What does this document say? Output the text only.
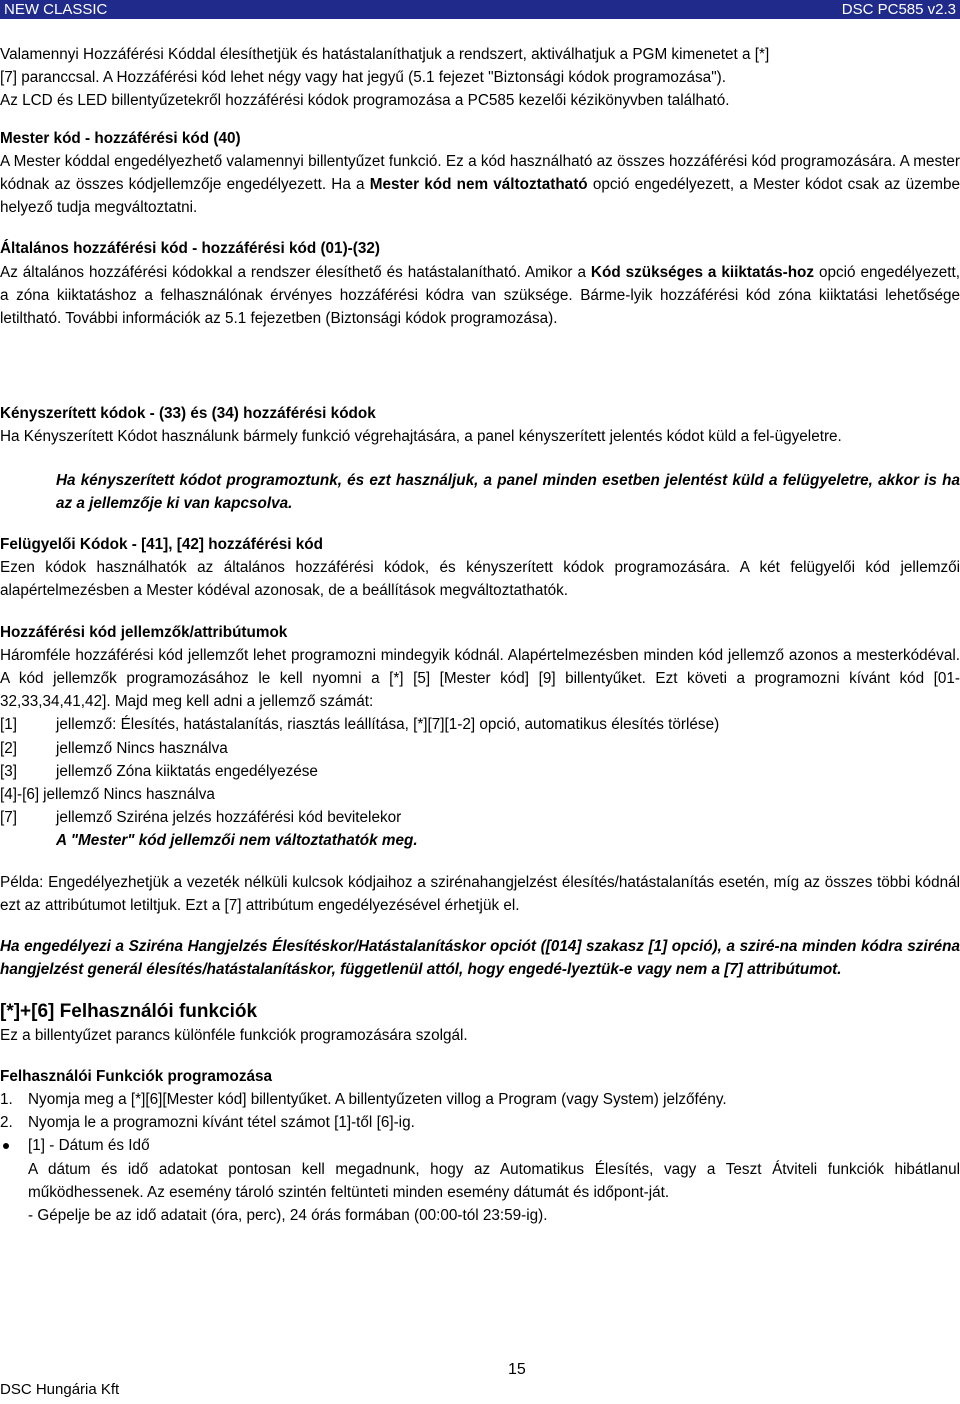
NEW CLASSIC	DSC PC585 v2.3

Valamennyi Hozzáférési Kóddal élesíthetjük és hatástalaníthatjuk a rendszert, aktiválhatjuk a PGM kimenetet a [*]

[7] paranccsal. A Hozzáférési kód lehet négy vagy hat jegyű (5.1 fejezet "Biztonsági kódok programozása").

Az LCD és LED billentyűzetekről hozzáférési kódok programozása a PC585 kezelői kézikönyvben található.

Mester kód - hozzáférési kód (40)

A Mester kóddal engedélyezhető valamennyi billentyűzet funkció. Ez a kód használható az összes hozzáférési kód programozására. A mester kódnak az összes kódjellemzője engedélyezett. Ha a Mester kód nem változtatható opció engedélyezett, a Mester kódot csak az üzembe helyező tudja megváltoztatni.

Általános hozzáférési kód - hozzáférési kód (01)-(32)

Az általános hozzáférési kódokkal a rendszer élesíthető és hatástalanítható. Amikor a Kód szükséges a kiiktatás-hoz opció engedélyezett, a zóna kiiktatáshoz a felhasználónak érvényes hozzáférési kódra van szüksége. Bárme-lyik hozzáférési kód zóna kiiktatási lehetősége letiltható. További információk az 5.1 fejezetben (Biztonsági kódok programozása).

Kényszerített kódok - (33) és (34) hozzáférési kódok

Ha Kényszerített Kódot használunk bármely funkció végrehajtására, a panel kényszerített jelentés kódot küld a fel-ügyeletre.

Ha kényszerített kódot programoztunk, és ezt használjuk, a panel minden esetben jelentést küld a felügyeletre, akkor is ha az a jellemzője ki van kapcsolva.

Felügyelői Kódok - [41], [42] hozzáférési kód

Ezen kódok használhatók az általános hozzáférési kódok, és kényszerített kódok programozására. A két felügyelői kód jellemzői alapértelmezésben a Mester kódéval azonosak, de a beállítások megváltoztathatók.

Hozzáférési kód jellemzők/attribútumok

Háromféle hozzáférési kód jellemzőt lehet programozni mindegyik kódnál. Alapértelmezésben minden kód jellemző azonos a mesterkódéval. A kód jellemzők programozásához le kell nyomni a [*] [5] [Mester kód] [9] billentyűket. Ezt követi a programozni kívánt kód [01-32,33,34,41,42]. Majd meg kell adni a jellemző számát:

[1]	jellemző: Élesítés, hatástalanítás, riasztás leállítása, [*][7][1-2] opció, automatikus élesítés törlése)
[2]	jellemző Nincs használva
[3]	jellemző Zóna kiiktatás engedélyezése
[4]-[6] jellemző Nincs használva
[7]	jellemző Sziréna jelzés hozzáférési kód bevitelekor

A "Mester" kód jellemzői nem változtathatók meg.

Példa: Engedélyezhetjük a vezeték nélküli kulcsok kódjaihoz a szirénahangjelzést élesítés/hatástalanítás esetén, míg az összes többi kódnál ezt az attribútumot letiltjuk. Ezt a [7] attribútum engedélyezésével érhetjük el.

Ha engedélyezi a Sziréna Hangjelzés Élesítéskor/Hatástalanításkor opciót ([014] szakasz [1] opció), a sziré-na minden kódra sziréna hangjelzést generál élesítés/hatástalanításkor, függetlenül attól, hogy engedé-lyeztük-e vagy nem a [7] attribútumot.

[*]+[6] Felhasználói funkciók

Ez a billentyűzet parancs különféle funkciók programozására szolgál.

Felhasználói Funkciók programozása

1. Nyomja meg a [*][6][Mester kód] billentyűket. A billentyűzeten villog a Program (vagy System) jelzőfény.
2. Nyomja le a programozni kívánt tétel számot [1]-től [6]-ig.
[1] - Dátum és Idő

A dátum és idő adatokat pontosan kell megadnunk, hogy az Automatikus Élesítés, vagy a Teszt Átviteli funkciók hibátlanul működhessenek. Az esemény tároló szintén feltünteti minden esemény dátumát és időpont-ját.

- Gépelje be az idő adatait (óra, perc), 24 órás formában (00:00-tól 23:59-ig).

15
DSC Hungária Kft
